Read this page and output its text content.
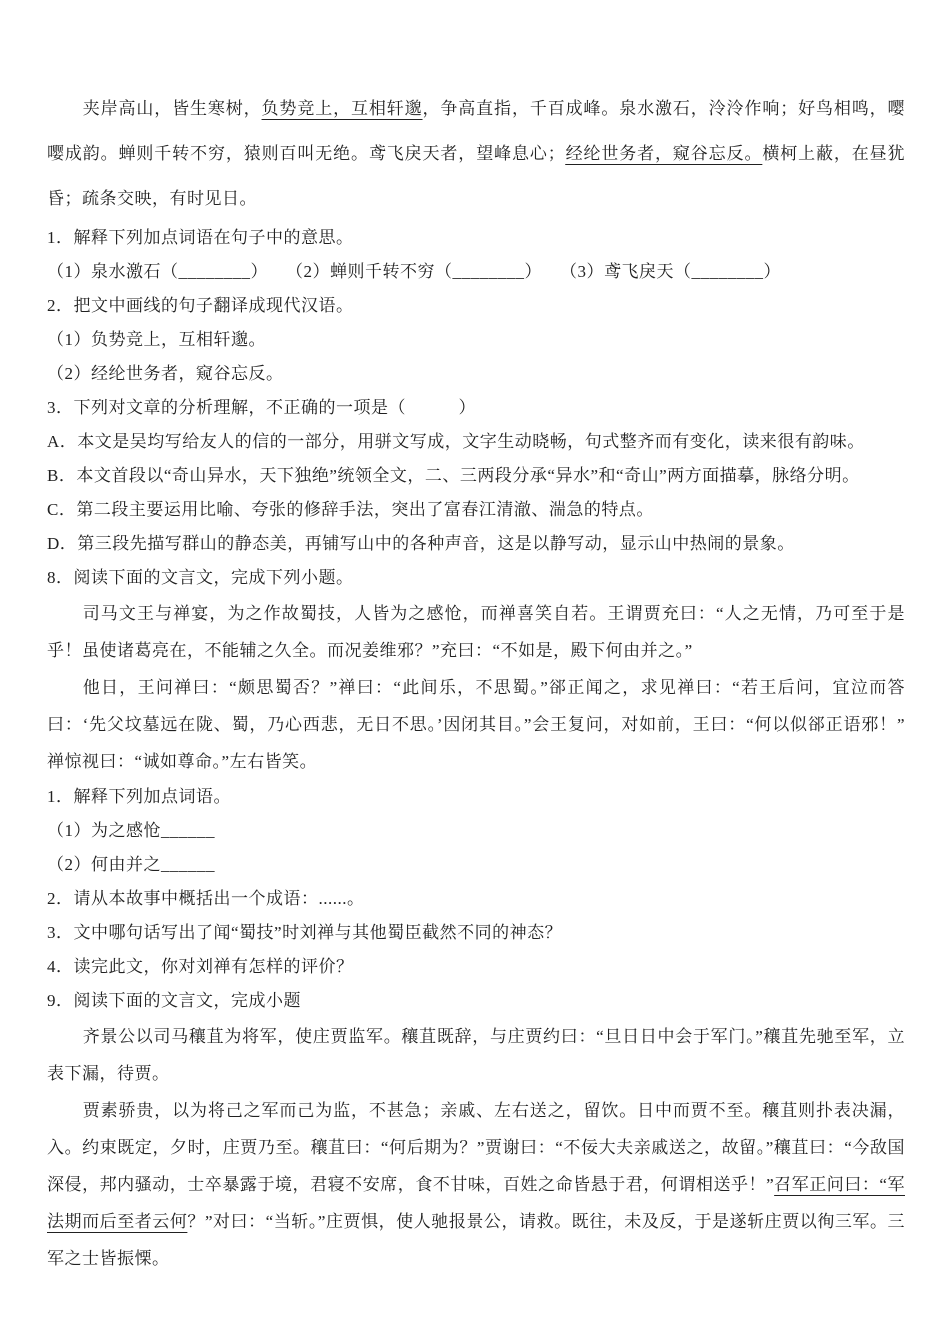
夹岸高山，皆生寒树，负势竞上，互相轩邈，争高直指，千百成峰。泉水激石，泠泠作响；好鸟相鸣，嘤嘤成韵。蝉则千转不穷，猿则百叫无绝。鸢飞戾天者，望峰息心；经纶世务者，窥谷忘反。横柯上蔽，在昼犹昏；疏条交映，有时见日。

1．解释下列加点词语在句子中的意思。

（1）泉水激石（________）　　（2）蝉则千转不穷（________）　　（3）鸢飞戾天（________）

2．把文中画线的句子翻译成现代汉语。

（1）负势竞上，互相轩邈。

（2）经纶世务者，窥谷忘反。

3．下列对文章的分析理解，不正确的一项是（　　　）

A．本文是吴均写给友人的信的一部分，用骈文写成，文字生动晓畅，句式整齐而有变化，读来很有韵味。

B．本文首段以“奇山异水，天下独绝”统领全文，二、三两段分承“异水”和“奇山”两方面描摹，脉络分明。

C．第二段主要运用比喻、夸张的修辞手法，突出了富春江清澈、湍急的特点。

D．第三段先描写群山的静态美，再铺写山中的各种声音，这是以静写动，显示山中热闹的景象。

8．阅读下面的文言文，完成下列小题。

司马文王与禅宴，为之作故蜀技，人皆为之感怆，而禅喜笑自若。王谓贾充曰：“人之无情，乃可至于是乎！虽使诸葛亮在，不能辅之久全。而况姜维邪？”充曰：“不如是，殿下何由并之。”

他日，王问禅曰：“颇思蜀否？”禅曰：“此间乐，不思蜀。”郤正闻之，求见禅曰：“若王后问，宜泣而答曰：‘先父坟墓远在陇、蜀，乃心西悲，无日不思。’因闭其目。”会王复问，对如前，王曰：“何以似郤正语邪！”禅惊视曰：“诚如尊命。”左右皆笑。

1．解释下列加点词语。

（1）为之感怆______

（2）何由并之______

2．请从本故事中概括出一个成语：......。

3．文中哪句话写出了闻“蜀技”时刘禅与其他蜀臣截然不同的神态？

4．读完此文，你对刘禅有怎样的评价？

9．阅读下面的文言文，完成小题

齐景公以司马穰苴为将军，使庄贾监军。穰苴既辞，与庄贾约曰：“旦日日中会于军门。”穰苴先驰至军，立表下漏，待贾。

贾素骄贵，以为将己之军而己为监，不甚急；亲戚、左右送之，留饮。日中而贾不至。穰苴则扑表决漏，入。约束既定，夕时，庄贾乃至。穰苴曰：“何后期为？”贾谢曰：“不佞大夫亲戚送之，故留。”穰苴曰：“今敌国深侵，邦内骚动，士卒暴露于境，君寝不安席，食不甘味，百姓之命皆悬于君，何谓相送乎！”召军正问曰：“军法期而后至者云何？”对曰：“当斩。”庄贾惧，使人驰报景公，请救。既往，未及反，于是遂斩庄贾以徇三军。三军之士皆振慄。
